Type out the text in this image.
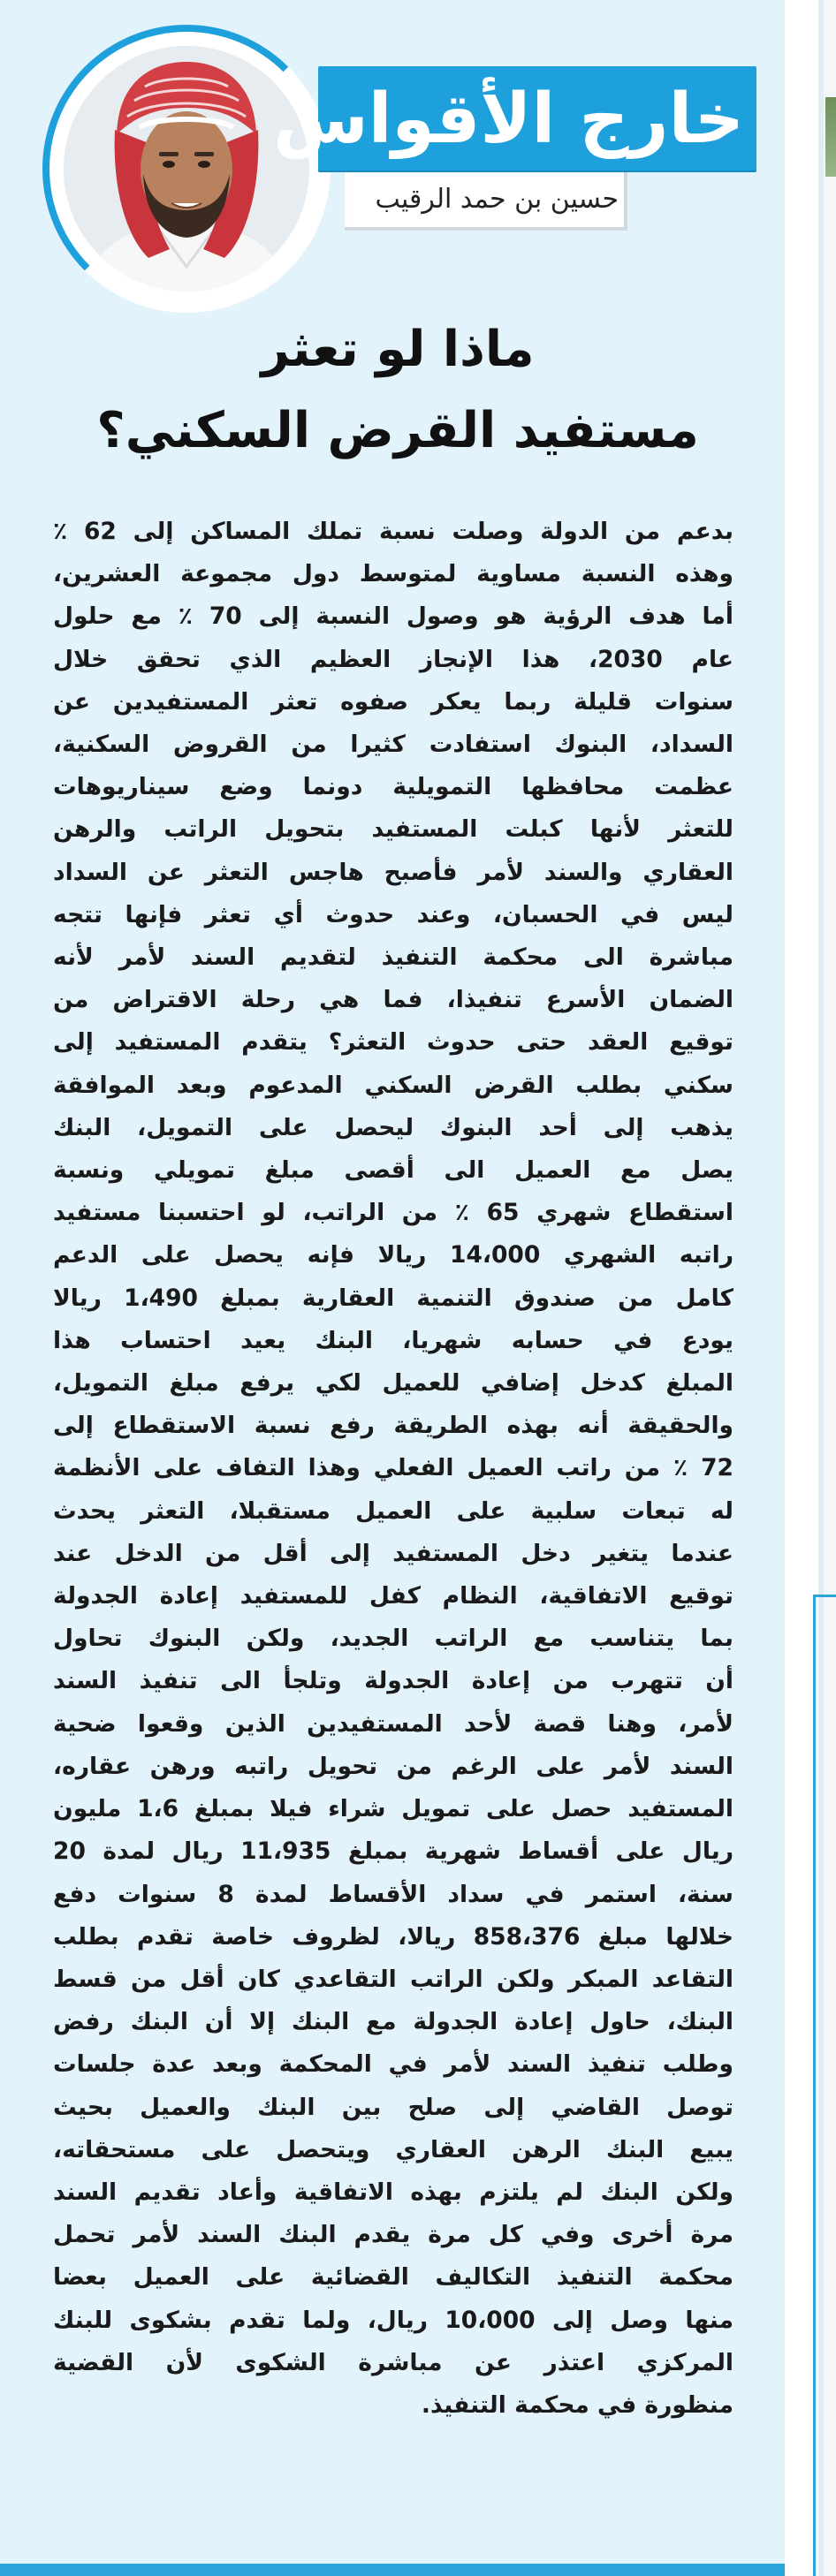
خارج الأقواس
حسين بن حمد الرقيب
ماذا لو تعثر
مستفيد القرض السكني؟
بدعم من الدولة وصلت نسبة تملك المساكن إلى 62 ٪
وهذه النسبة مساوية لمتوسط دول مجموعة العشرين،
أما هدف الرؤية هو وصول النسبة إلى 70 ٪ مع حلول
عام 2030، هذا الإنجاز العظيم الذي تحقق خلال
سنوات قليلة ربما يعكر صفوه تعثر المستفيدين عن
السداد، البنوك استفادت كثيرا من القروض السكنية،
عظمت محافظها التمويلية دونما وضع سيناريوهات
للتعثر لأنها كبلت المستفيد بتحويل الراتب والرهن
العقاري والسند لأمر فأصبح هاجس التعثر عن السداد
ليس في الحسبان، وعند حدوث أي تعثر فإنها تتجه
مباشرة الى محكمة التنفيذ لتقديم السند لأمر لأنه
الضمان الأسرع تنفيذا، فما هي رحلة الاقتراض من
توقيع العقد حتى حدوث التعثر؟ يتقدم المستفيد إلى
سكني بطلب القرض السكني المدعوم وبعد الموافقة
يذهب إلى أحد البنوك ليحصل على التمويل، البنك
يصل مع العميل الى أقصى مبلغ تمويلي ونسبة
استقطاع شهري 65 ٪ من الراتب، لو احتسبنا مستفيد
راتبه الشهري 14،000 ريالا فإنه يحصل على الدعم
كامل من صندوق التنمية العقارية بمبلغ 1،490 ريالا
يودع في حسابه شهريا، البنك يعيد احتساب هذا
المبلغ كدخل إضافي للعميل لكي يرفع مبلغ التمويل،
والحقيقة أنه بهذه الطريقة رفع نسبة الاستقطاع إلى
72 ٪ من راتب العميل الفعلي وهذا التفاف على الأنظمة
له تبعات سلبية على العميل مستقبلا، التعثر يحدث
عندما يتغير دخل المستفيد إلى أقل من الدخل عند
توقيع الاتفاقية، النظام كفل للمستفيد إعادة الجدولة
بما يتناسب مع الراتب الجديد، ولكن البنوك تحاول
أن تتهرب من إعادة الجدولة وتلجأ الى تنفيذ السند
لأمر، وهنا قصة لأحد المستفيدين الذين وقعوا ضحية
السند لأمر على الرغم من تحويل راتبه ورهن عقاره،
المستفيد حصل على تمويل شراء فيلا بمبلغ 1،6 مليون
ريال على أقساط شهرية بمبلغ 11،935 ريال لمدة 20
سنة، استمر في سداد الأقساط لمدة 8 سنوات دفع
خلالها مبلغ 858،376 ريالا، لظروف خاصة تقدم بطلب
التقاعد المبكر ولكن الراتب التقاعدي كان أقل من قسط
البنك، حاول إعادة الجدولة مع البنك إلا أن البنك رفض
وطلب تنفيذ السند لأمر في المحكمة وبعد عدة جلسات
توصل القاضي إلى صلح بين البنك والعميل بحيث
يبيع البنك الرهن العقاري ويتحصل على مستحقاته،
ولكن البنك لم يلتزم بهذه الاتفاقية وأعاد تقديم السند
مرة أخرى وفي كل مرة يقدم البنك السند لأمر تحمل
محكمة التنفيذ التكاليف القضائية على العميل بعضا
منها وصل إلى 10،000 ريال، ولما تقدم بشكوى للبنك
المركزي اعتذر عن مباشرة الشكوى لأن القضية
منظورة في محكمة التنفيذ.
